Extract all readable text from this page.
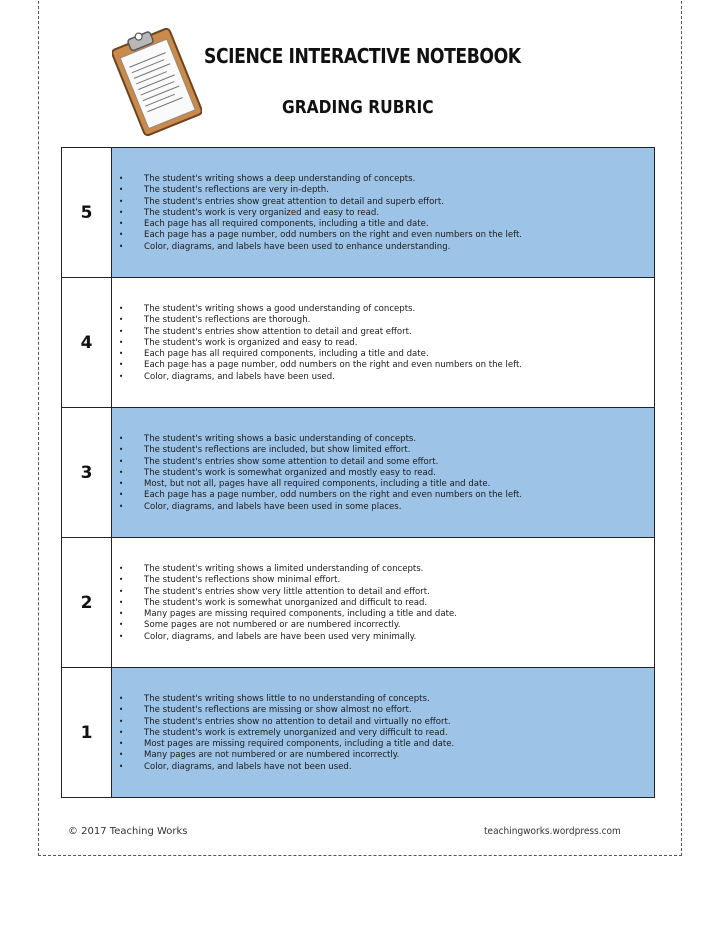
SCIENCE INTERACTIVE NOTEBOOK
GRADING RUBRIC
5
• The student's writing shows a deep understanding of concepts.
• The student's reflections are very in-depth.
• The student's entries show great attention to detail and superb effort.
• The student's work is very organized and easy to read.
• Each page has all required components, including a title and date.
• Each page has a page number, odd numbers on the right and even numbers on the left.
• Color, diagrams, and labels have been used to enhance understanding.
4
• The student's writing shows a good understanding of concepts.
• The student's reflections are thorough.
• The student's entries show attention to detail and great effort.
• The student's work is organized and easy to read.
• Each page has all required components, including a title and date.
• Each page has a page number, odd numbers on the right and even numbers on the left.
• Color, diagrams, and labels have been used.
3
• The student's writing shows a basic understanding of concepts.
• The student's reflections are included, but show limited effort.
• The student's entries show some attention to detail and some effort.
• The student's work is somewhat organized and mostly easy to read.
• Most, but not all, pages have all required components, including a title and date.
• Each page has a page number, odd numbers on the right and even numbers on the left.
• Color, diagrams, and labels have been used in some places.
2
• The student's writing shows a limited understanding of concepts.
• The student's reflections show minimal effort.
• The student's entries show very little attention to detail and effort.
• The student's work is somewhat unorganized and difficult to read.
• Many pages are missing required components, including a title and date.
• Some pages are not numbered or are numbered incorrectly.
• Color, diagrams, and labels are have been used very minimally.
1
• The student's writing shows little to no understanding of concepts.
• The student's reflections are missing or show almost no effort.
• The student's entries show no attention to detail and virtually no effort.
• The student's work is extremely unorganized and very difficult to read.
• Most pages are missing required components, including a title and date.
• Many pages are not numbered or are numbered incorrectly.
• Color, diagrams, and labels have not been used.
© 2017 Teaching Works	teachingworks.wordpress.com
